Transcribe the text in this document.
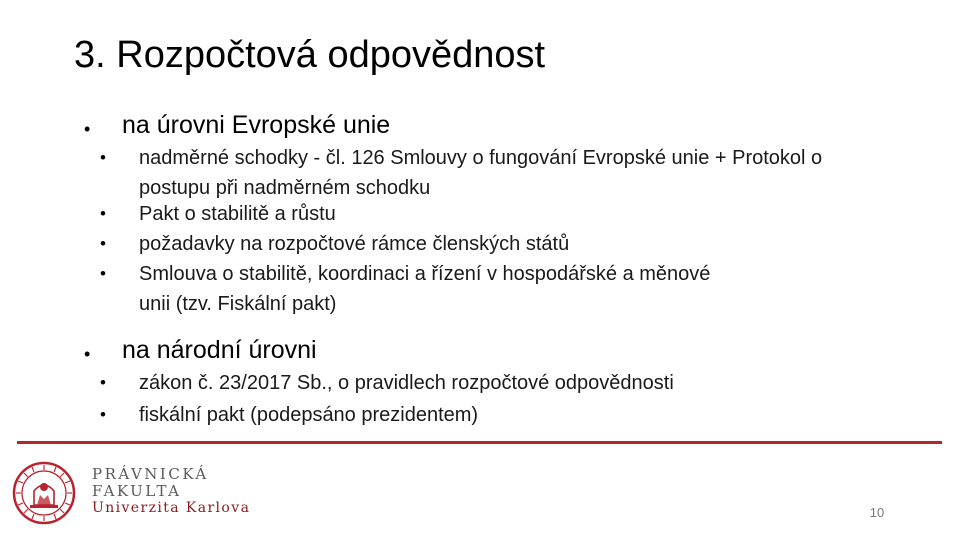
3. Rozpočtová odpovědnost
• na úrovni Evropské unie
• nadměrné schodky - čl. 126 Smlouvy o fungování Evropské unie + Protokol o postupu při nadměrném schodku
• Pakt o stabilitě a růstu
• požadavky na rozpočtové rámce členských států
• Smlouva o stabilitě, koordinaci a řízení v hospodářské a měnové unii (tzv. Fiskální pakt)
• na národní úrovni
• zákon č. 23/2017 Sb., o pravidlech rozpočtové odpovědnosti
• fiskální pakt (podepsáno prezidentem)
PRÁVNICKÁ
FAKULTA
Univerzita Karlova	10
